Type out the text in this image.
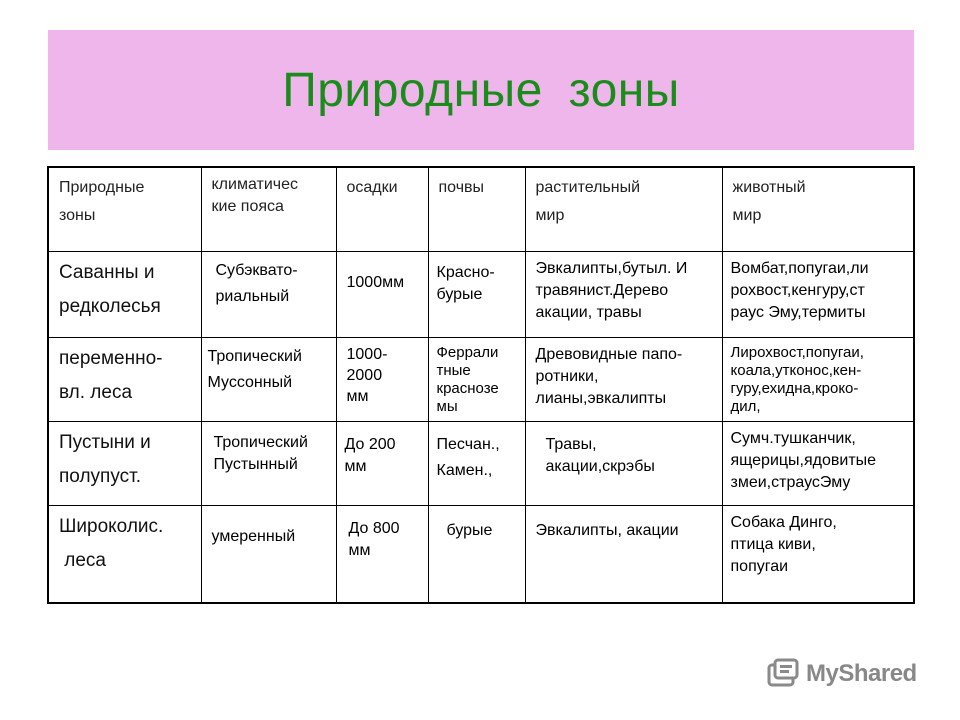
Природные зоны
Природные
зоны	климатичес
кие пояса	осадки	почвы	растительный
мир	животный
мир

Саванны и
редколесья	Субэквато-
риальный	1000мм	Красно-
бурые	Эвкалипты,бутыл. И
травянист.Дерево
акации, травы	Вомбат,попугаи,ли
рохвост,кенгуру,ст
раус Эму,термиты

переменно-
вл. леса	Тропический
Муссонный	1000-
2000
мм	Феррали
тные
краснозе
мы	Древовидные папо-
ротники,
лианы,эвкалипты	Лирохвост,попугаи,
коала,утконос,кен-
гуру,ехидна,кроко-
дил,

Пустыни и
полупуст.	Тропический
Пустынный	До 200
мм	Песчан.,
Камен.,	Травы,
акации,скрэбы	Сумч.тушканчик,
ящерицы,ядовитые
змеи,страусЭму

Широколис.
леса	умеренный	До 800
мм	бурые	Эвкалипты, акации	Собака Динго,
птица киви,
попугаи
MyShared
